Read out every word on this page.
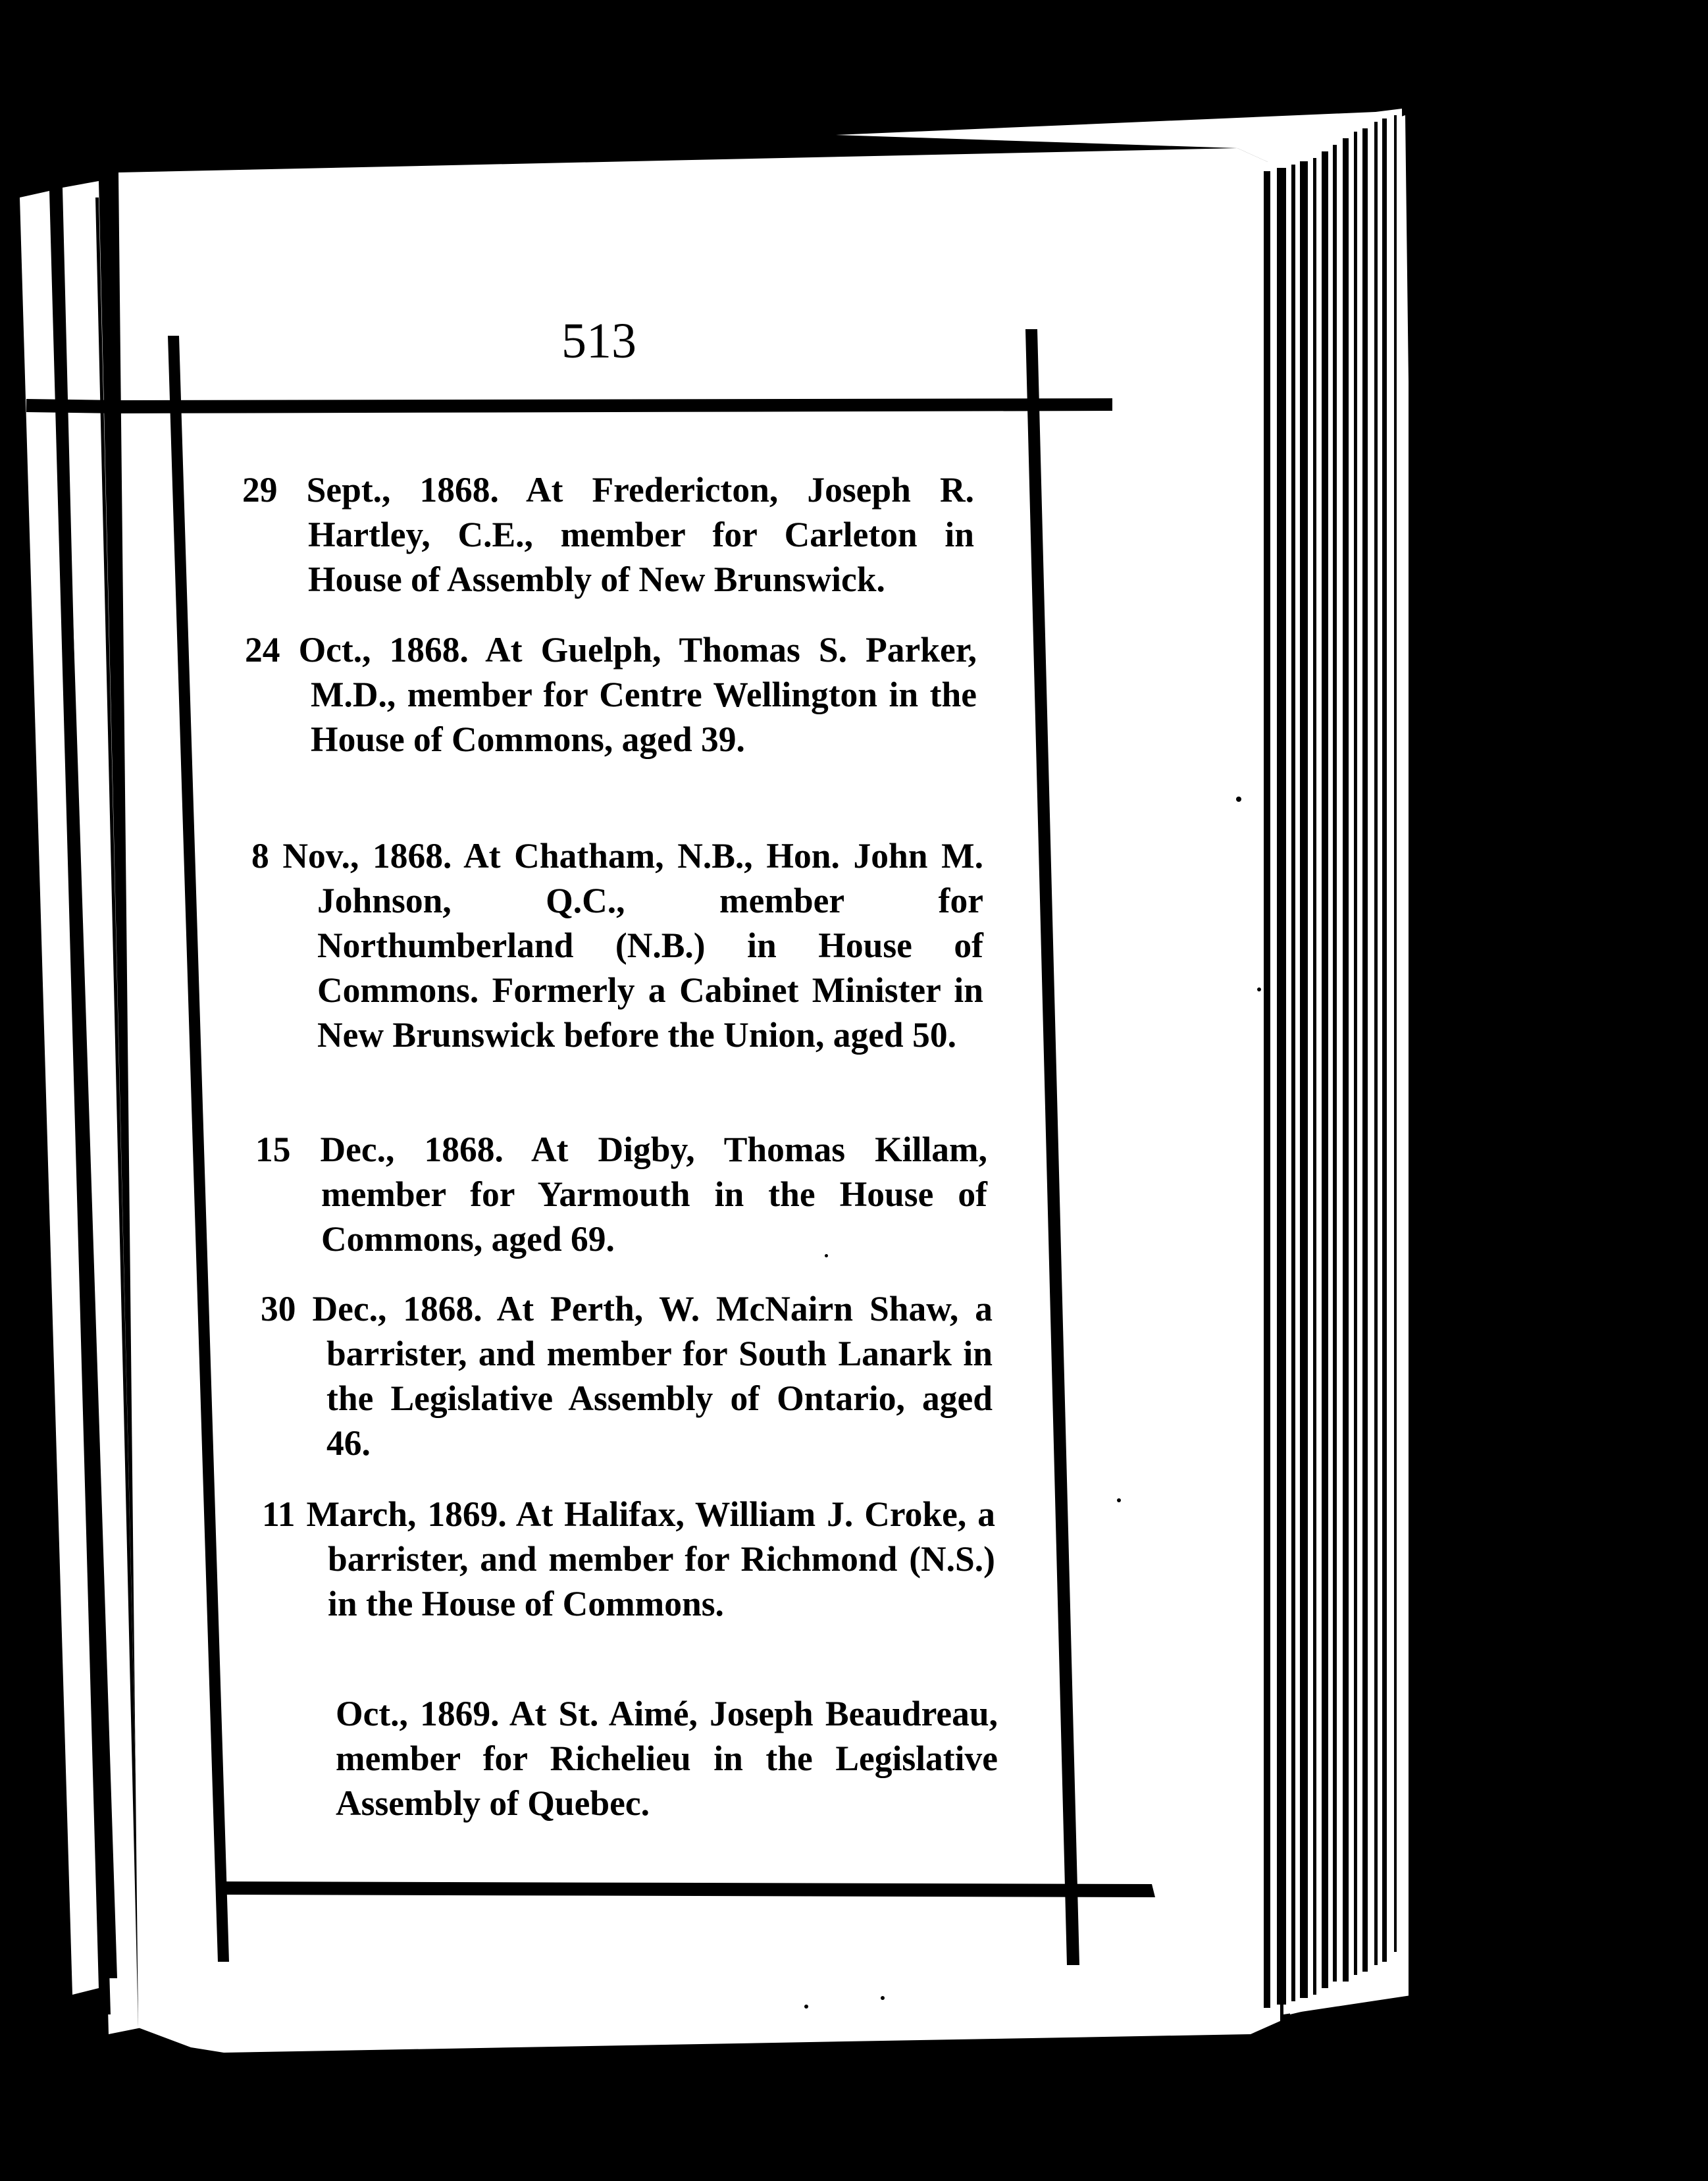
513

29 Sept., 1868. At Fredericton, Joseph R. Hartley, C.E., member for Carleton in House of Assembly of New Brunswick.

24 Oct., 1868. At Guelph, Thomas S. Parker, M.D., member for Centre Wellington in the House of Commons, aged 39.

8 Nov., 1868. At Chatham, N.B., Hon. John M. Johnson, Q.C., member for Northumberland (N.B.) in House of Commons. Formerly a Cabinet Minister in New Brunswick before the Union, aged 50.

15 Dec., 1868. At Digby, Thomas Killam, member for Yarmouth in the House of Commons, aged 69.

30 Dec., 1868. At Perth, W. McNairn Shaw, a barrister, and member for South Lanark in the Legislative Assembly of Ontario, aged 46.

11 March, 1869. At Halifax, William J. Croke, a barrister, and member for Richmond (N.S.) in the House of Commons.

Oct., 1869. At St. Aimé, Joseph Beaudreau, member for Richelieu in the Legislative Assembly of Quebec.
